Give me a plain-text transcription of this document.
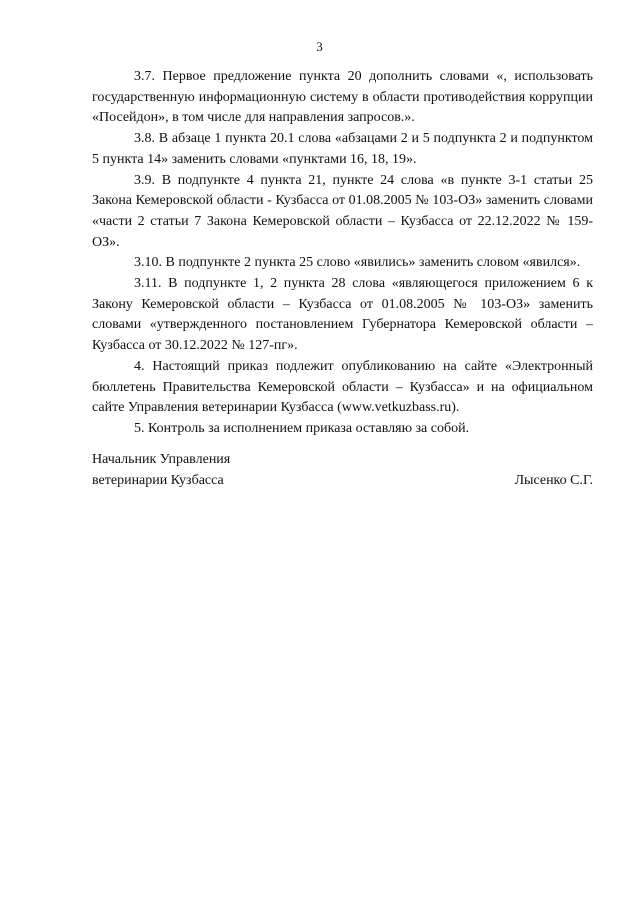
3

3.7. Первое предложение пункта 20 дополнить словами «, использовать государственную информационную систему в области противодействия коррупции «Посейдон», в том числе для направления запросов.».

3.8. В абзаце 1 пункта 20.1 слова «абзацами 2 и 5 подпункта 2 и подпунктом 5 пункта 14» заменить словами «пунктами 16, 18, 19».

3.9. В подпункте 4 пункта 21, пункте 24 слова «в пункте 3-1 статьи 25 Закона Кемеровской области - Кузбасса от 01.08.2005 № 103-ОЗ» заменить словами «части 2 статьи 7 Закона Кемеровской области – Кузбасса от 22.12.2022 № 159-ОЗ».

3.10. В подпункте 2 пункта 25 слово «явились» заменить словом «явился».

3.11. В подпункте 1, 2 пункта 28 слова «являющегося приложением 6 к Закону Кемеровской области – Кузбасса от 01.08.2005 № 103-ОЗ» заменить словами «утвержденного постановлением Губернатора Кемеровской области – Кузбасса от 30.12.2022 № 127-пг».

4. Настоящий приказ подлежит опубликованию на сайте «Электронный бюллетень Правительства Кемеровской области – Кузбасса» и на официальном сайте Управления ветеринарии Кузбасса (www.vetkuzbass.ru).

5. Контроль за исполнением приказа оставляю за собой.

Начальник Управления

ветеринарии Кузбасса	Лысенко С.Г.
